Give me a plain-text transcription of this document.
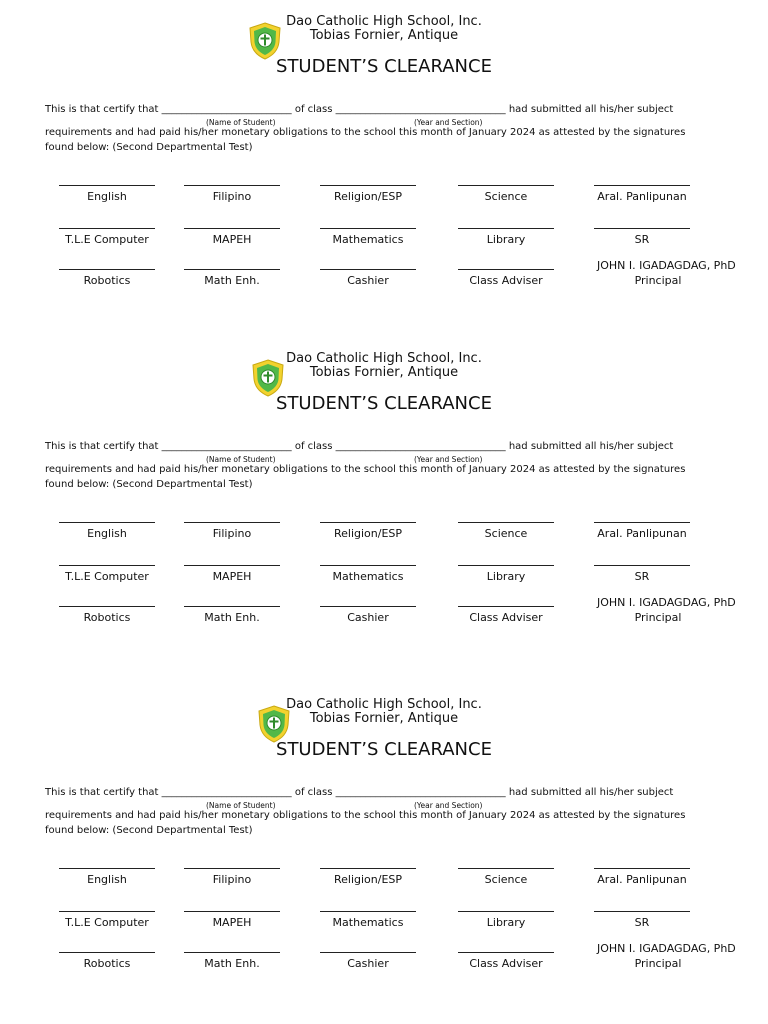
Dao Catholic High School, Inc.
Tobias Fornier, Antique
STUDENT’S CLEARANCE
This is that certify that __________________________ of class __________________________________ had submitted all his/her subject
(Name of Student)	(Year and Section)
requirements and had paid his/her monetary obligations to the school this month of January 2024 as attested by the signatures
found below: (Second Departmental Test)
English	Filipino	Religion/ESP	Science	Aral. Panlipunan
T.L.E Computer	MAPEH	Mathematics	Library	SR
Robotics	Math Enh.	Cashier	Class Adviser
JOHN I. IGADAGDAG, PhD
Principal
Dao Catholic High School, Inc.
Tobias Fornier, Antique
STUDENT’S CLEARANCE
This is that certify that __________________________ of class __________________________________ had submitted all his/her subject
(Name of Student)	(Year and Section)
requirements and had paid his/her monetary obligations to the school this month of January 2024 as attested by the signatures
found below: (Second Departmental Test)
English	Filipino	Religion/ESP	Science	Aral. Panlipunan
T.L.E Computer	MAPEH	Mathematics	Library	SR
Robotics	Math Enh.	Cashier	Class Adviser
JOHN I. IGADAGDAG, PhD
Principal
Dao Catholic High School, Inc.
Tobias Fornier, Antique
STUDENT’S CLEARANCE
This is that certify that __________________________ of class __________________________________ had submitted all his/her subject
(Name of Student)	(Year and Section)
requirements and had paid his/her monetary obligations to the school this month of January 2024 as attested by the signatures
found below: (Second Departmental Test)
English	Filipino	Religion/ESP	Science	Aral. Panlipunan
T.L.E Computer	MAPEH	Mathematics	Library	SR
Robotics	Math Enh.	Cashier	Class Adviser
JOHN I. IGADAGDAG, PhD
Principal
